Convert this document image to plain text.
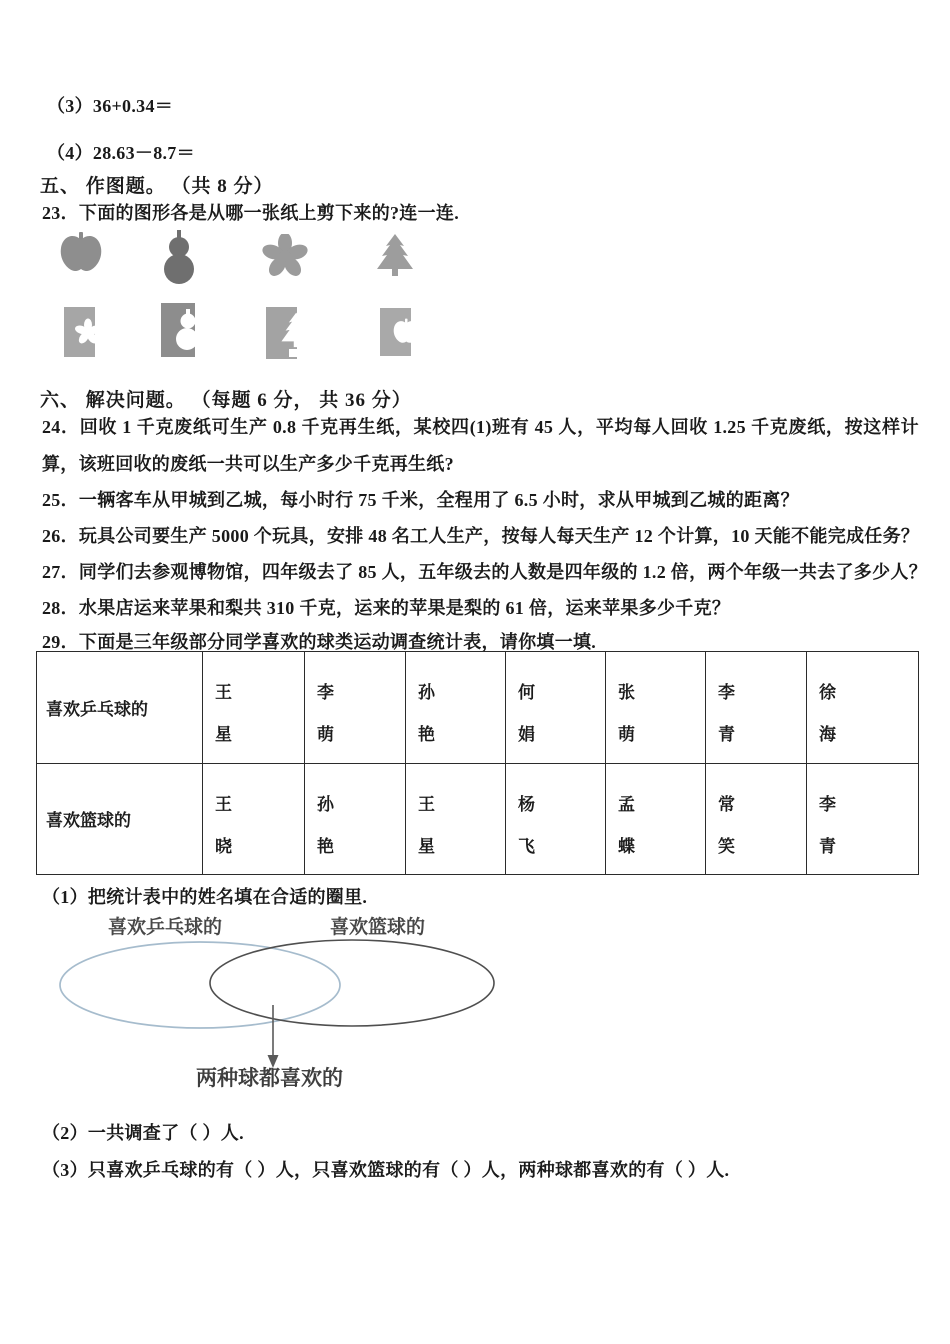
（3）36+0.34＝
（4）28.63－8.7＝
五、 作图题。 （共 8 分）
23．下面的图形各是从哪一张纸上剪下来的?连一连.
六、 解决问题。 （每题 6 分， 共 36 分）
24．回收 1 千克废纸可生产 0.8 千克再生纸，某校四(1)班有 45 人，平均每人回收 1.25 千克废纸，按这样计算，该班回收的废纸一共可以生产多少千克再生纸?
25．一辆客车从甲城到乙城，每小时行 75 千米，全程用了 6.5 小时，求从甲城到乙城的距离？
26．玩具公司要生产 5000 个玩具，安排 48 名工人生产，按每人每天生产 12 个计算，10 天能不能完成任务？
27．同学们去参观博物馆，四年级去了 85 人，五年级去的人数是四年级的 1.2 倍，两个年级一共去了多少人？
28．水果店运来苹果和梨共 310 千克，运来的苹果是梨的 61 倍，运来苹果多少千克？
29．下面是三年级部分同学喜欢的球类运动调查统计表，请你填一填.
喜欢乒乓球的	王星	李萌	孙艳	何娟	张萌	李青	徐海

喜欢篮球的	王晓	孙艳	王星	杨飞	孟蝶	常笑	李青
（1）把统计表中的姓名填在合适的圈里.
喜欢乒乓球的	喜欢篮球的
两种球都喜欢的
（2）一共调查了（ ）人.
（3）只喜欢乒乓球的有（ ）人，只喜欢篮球的有（ ）人，两种球都喜欢的有（ ）人.
